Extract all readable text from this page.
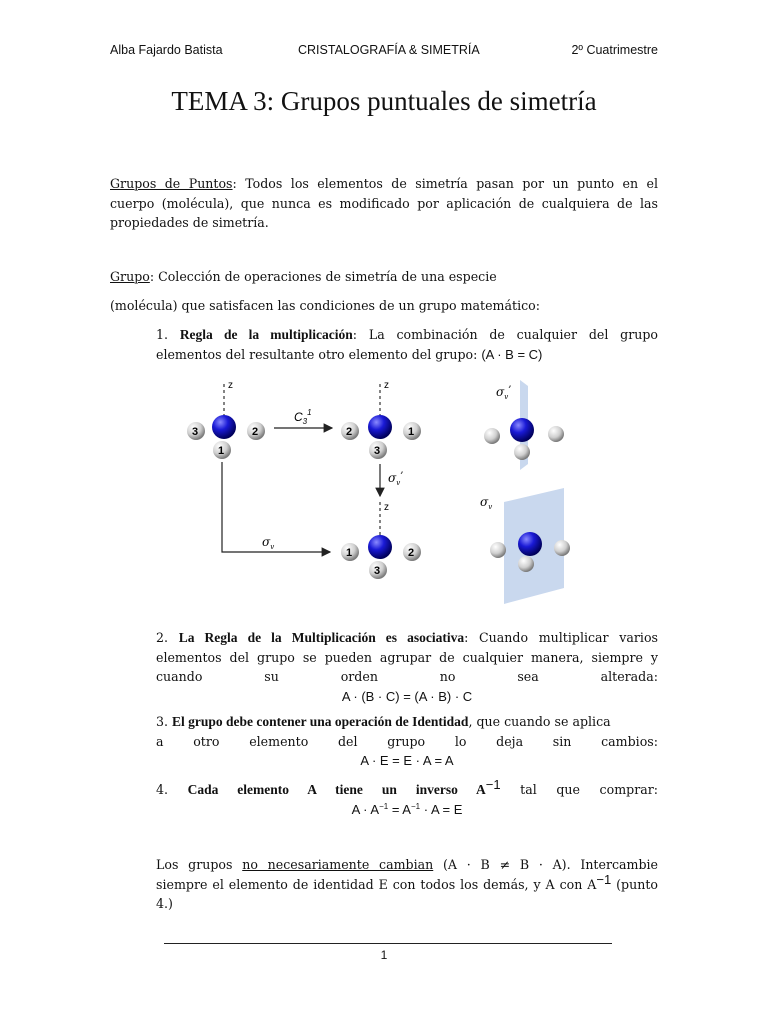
Alba Fajardo Batista	CRISTALOGRAFÍA & SIMETRÍA	2º Cuatrimestre
TEMA 3: Grupos puntuales de simetría
Grupos de Puntos: Todos los elementos de simetría pasan por un punto en el
cuerpo (molécula), que nunca es modificado por aplicación de cualquiera de las
propiedades de simetría.
Grupo: Colección de operaciones de simetría de una especie
(molécula) que satisfacen las condiciones de un grupo matemático:
1. Regla de la multiplicación: La combinación de cualquier del grupo
elementos del resultante otro elemento del grupo: (A · B = C)
z
3	2
1
$C_3^1$
z
2	1
3
$\sigma_v^’$
z
1	2
3
$\sigma_v$
$\sigma_v^’$
$\sigma_v$
2. La Regla de la Multiplicación es asociativa: Cuando multiplicar varios
elementos del grupo se pueden agrupar de cualquier manera, siempre y
cuando su orden no sea alterada:
A · (B · C) = (A · B) · C
3. El grupo debe contener una operación de Identidad, que cuando se aplica
a otro elemento del grupo lo deja sin cambios:
A · E = E · A = A
4. Cada elemento A tiene un inverso $A^{-1}$ tal que comprar:
$A \cdot A^{-1} = A^{-1} \cdot A = E$
Los grupos no necesariamente cambian (A · B ≠ B · A). Intercambie
siempre el elemento de identidad E con todos los demás, y A con $A^{-1}$ (punto
4.)
1
